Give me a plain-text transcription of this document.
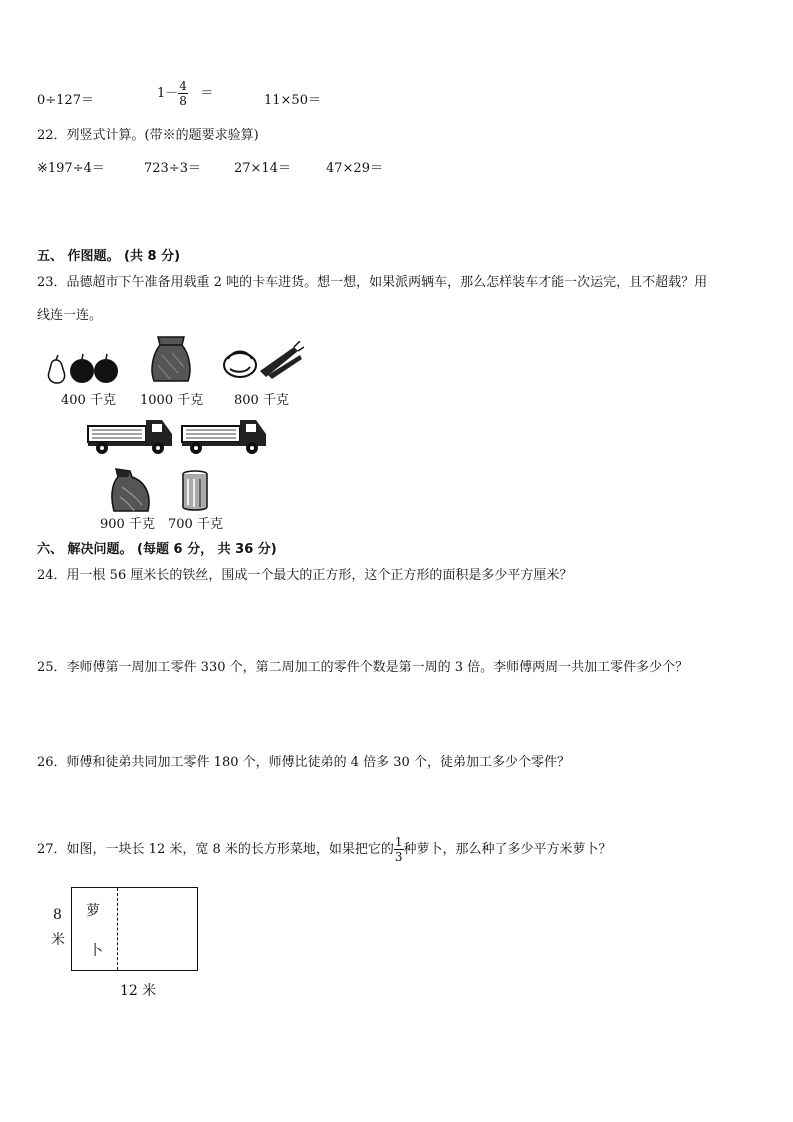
0÷127＝	$1- \frac{4}{8}$ ＝	11×50＝
22．列竖式计算。(带※的题要求验算)
※197÷4＝	723÷3＝	27×14＝	47×29＝
五、 作图题。 (共 8 分)
23．品德超市下午准备用载重 2 吨的卡车进货。想一想，如果派两辆车，那么怎样装车才能一次运完，且不超载？用
线连一连。
400 千克 1000 千克 800 千克
900 千克 700 千克
六、 解决问题。 (每题 6 分， 共 36 分)
24．用一根 56 厘米长的铁丝，围成一个最大的正方形，这个正方形的面积是多少平方厘米？
25．李师傅第一周加工零件 330 个，第二周加工的零件个数是第一周的 3 倍。李师傅两周一共加工零件多少个？
26．师傅和徒弟共同加工零件 180 个，师傅比徒弟的 4 倍多 30 个，徒弟加工多少个零件？
27．如图，一块长 12 米，宽 8 米的长方形菜地，如果把它的 $\frac{1}{3}$ 种萝卜，那么种了多少平方米萝卜？
萝
卜
8
米
12 米
